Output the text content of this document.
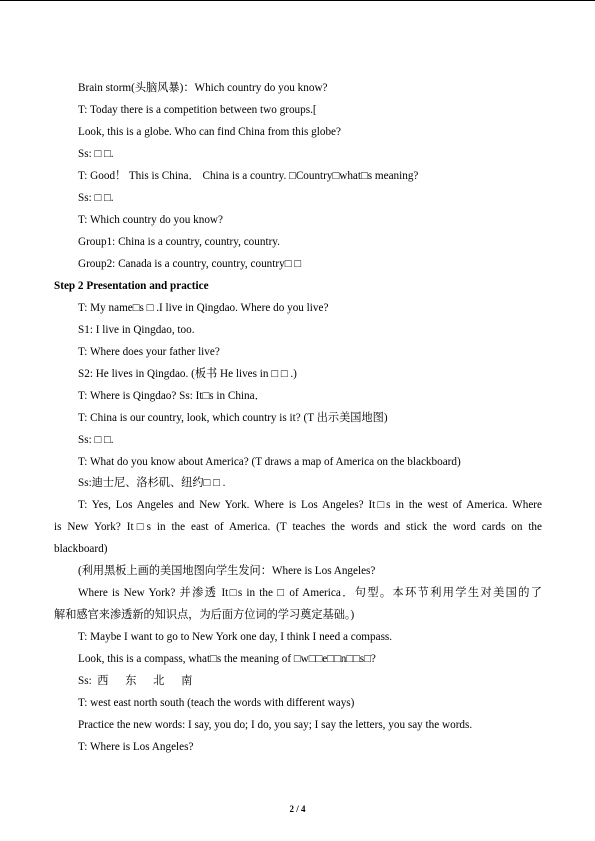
Brain storm(头脑风暴)：Which country do you know?
T: Today there is a competition between two groups.[
Look, this is a globe. Who can find China from this globe?
Ss: □ □.
T: Good！ This is China． China is a country. □Country□what□s meaning?
Ss: □ □.
T: Which country do you know?
Group1: China is a country, country, country.
Group2: Canada is a country, country, country□ □
Step 2 Presentation and practice
T: My name□s □ .I live in Qingdao. Where do you live?
S1: I live in Qingdao, too.
T: Where does your father live?
S2: He lives in Qingdao. (板书 He lives in □ □ .)
T: Where is Qingdao? Ss: It□s in China．
T: China is our country, look, which country is it? (T 出示美国地图)
Ss: □ □.
T: What do you know about America? (T draws a map of America on the blackboard)
Ss:迪士尼、洛杉矶、纽约□ □ .
T: Yes, Los Angeles and New York. Where is Los Angeles? It□s in the west of America. Where
is New York? It□s in the east of America. (T teaches the words and stick the word cards on the
blackboard)
(利用黑板上画的美国地图向学生发问：Where is Los Angeles?
Where is New York? 并渗透 It□s in the □ of America．句型。本环节利用学生对美国的了
解和感官来渗透新的知识点，为后面方位词的学习奠定基础。)
T: Maybe I want to go to New York one day, I think I need a compass.
Look, this is a compass, what□s the meaning of □w□□e□□n□□s□?
Ss:  西      东      北      南
T: west east north south (teach the words with different ways)
Practice the new words: I say, you do; I do, you say; I say the letters, you say the words.
T: Where is Los Angeles?
2 / 4
